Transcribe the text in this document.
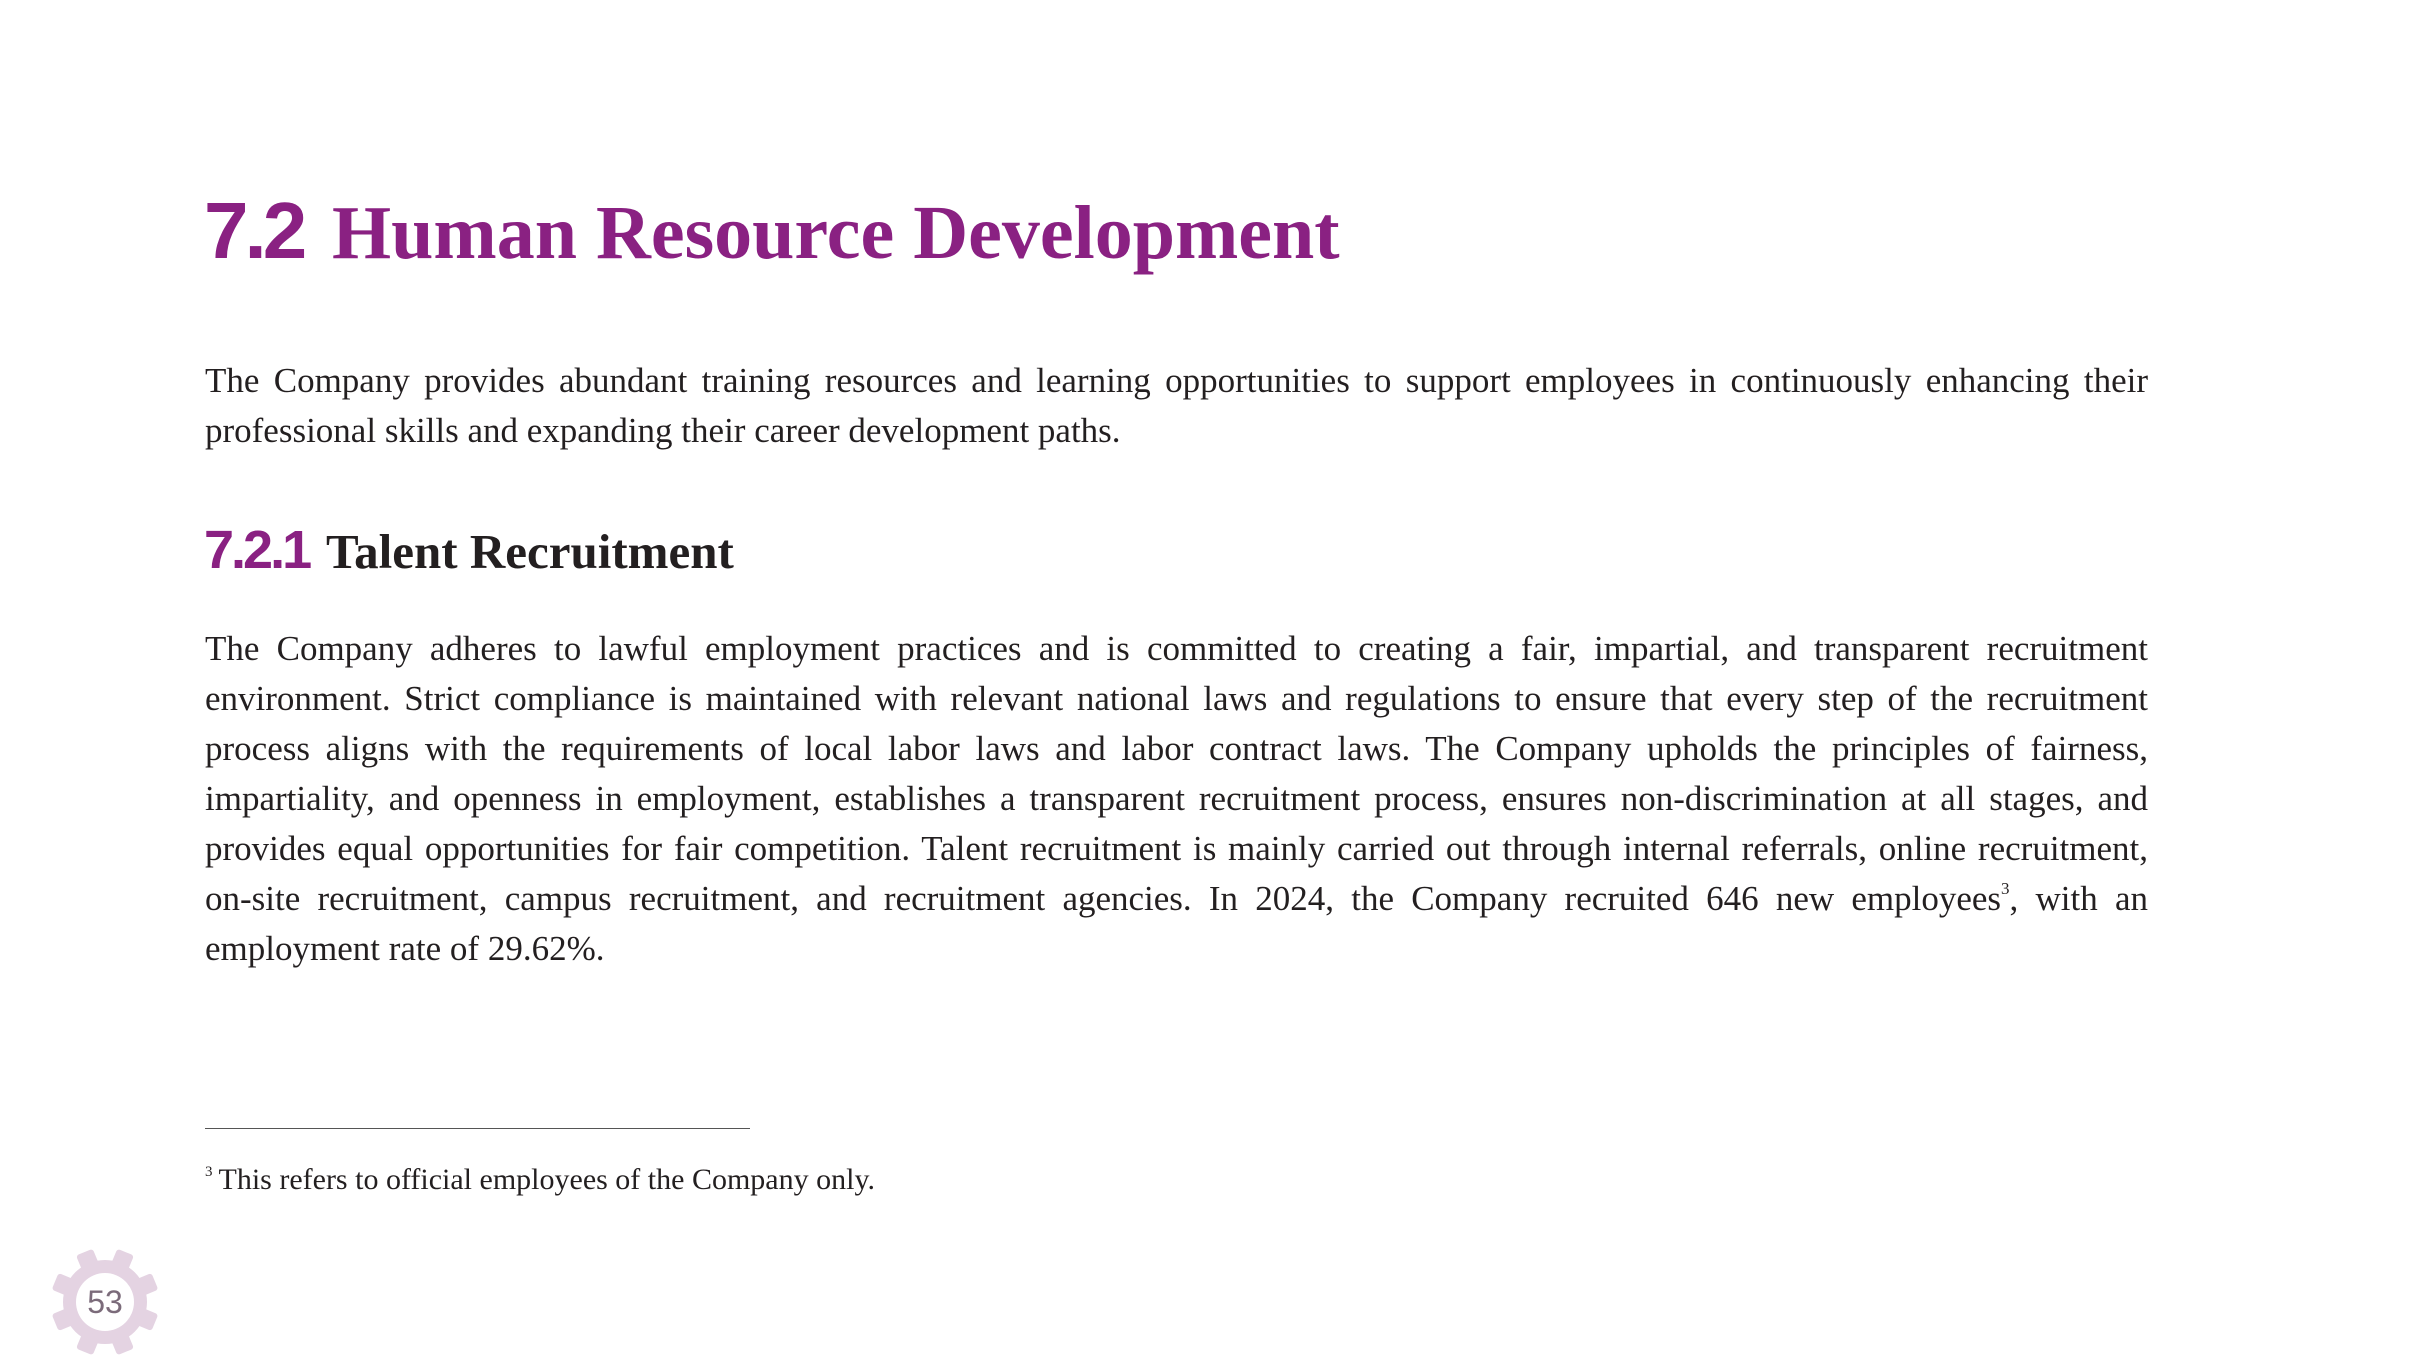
7.2 Human Resource Development

The Company provides abundant training resources and learning opportunities to support employees in continuously enhancing their professional skills and expanding their career development paths.

7.2.1 Talent Recruitment

The Company adheres to lawful employment practices and is committed to creating a fair, impartial, and transparent recruitment environment. Strict compliance is maintained with relevant national laws and regulations to ensure that every step of the recruitment process aligns with the requirements of local labor laws and labor contract laws. The Company upholds the principles of fairness, impartiality, and openness in employment, establishes a transparent recruitment process, ensures non-discrimination at all stages, and provides equal opportunities for fair competition. Talent recruitment is mainly carried out through internal referrals, online recruitment, on-site recruitment, campus recruitment, and recruitment agencies. In 2024, the Company recruited 646 new employees$^3$, with an employment rate of 29.62%.

$^3$ This refers to official employees of the Company only.
53
